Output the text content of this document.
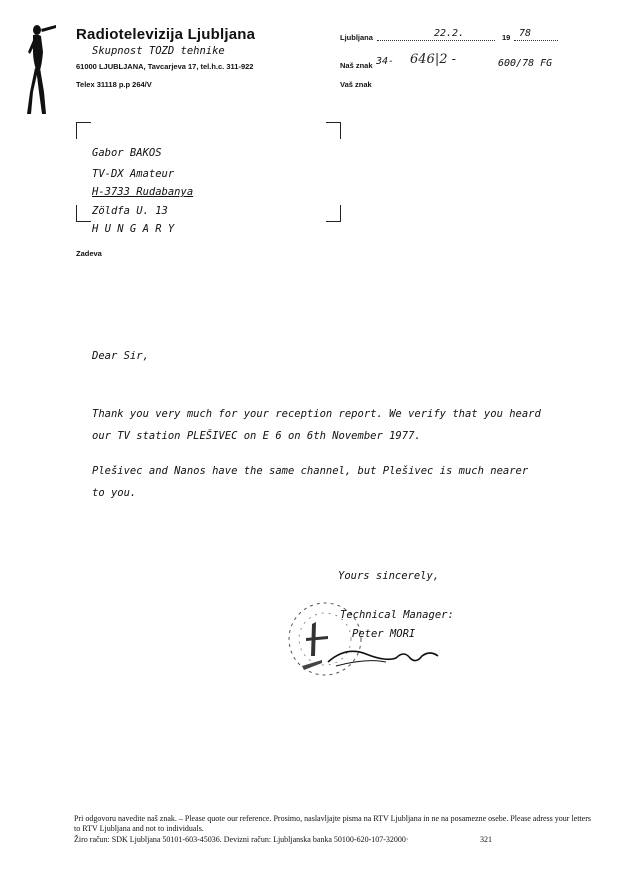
Radiotelevizija Ljubljana
Skupnost TOZD tehnike
61000 LJUBLJANA, Tavcarjeva 17, tel.h.c. 311-922
Telex 31118 p.p 264/V
Ljubljana	22.2.	19 78
Naš znak 34- 646|2 -	600/78 FG
Vaš znak
Gabor BAKOS
TV-DX Amateur
H-3733 Rudabanya
Zöldfa U. 13
H U N G A R Y
Zadeva
Dear Sir,
Thank you very much for your reception report. We verify that you heard our TV station PLEŠIVEC on E 6 on 6th November 1977.
Plešivec and Nanos have the same channel, but Plešivec is much nearer to you.
Yours sincerely,
Technical Manager:
Peter MORI
Pri odgovoru navedite naš znak. – Please quote our reference. Prosimo, naslavljajte pisma na RTV Ljubljana in ne na posamezne osebe. Please adress your letters to RTV Ljubljana and not to individuals.
Žiro račun: SDK Ljubljana 50101-603-45036. Devizni račun: Ljubljanska banka 50100-620-107-32000·	321
